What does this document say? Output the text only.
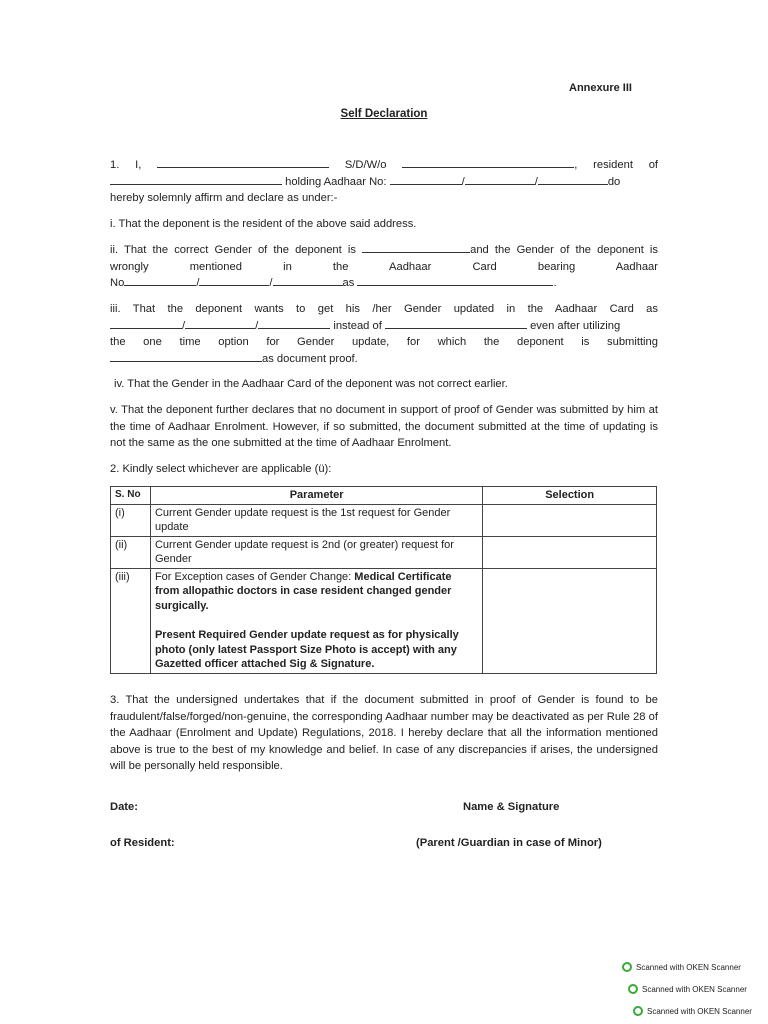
Annexure III
Self Declaration
1. I,	S/D/W/o	, resident of
holding Aadhaar No:	/	/	do
hereby solemnly affirm and declare as under:-
i. That the deponent is the resident of the above said address.
ii. That the correct Gender of the deponent is	and the Gender of the deponent is
wrongly mentioned in the Aadhaar Card bearing Aadhaar
No	/	/	as	.
iii. That the deponent wants to get his /her Gender updated in the Aadhaar Card as
/	/	instead of	even after utilizing
the one time option for Gender update, for which the deponent is submitting
as document proof.
iv. That the Gender in the Aadhaar Card of the deponent was not correct earlier.
v. That the deponent further declares that no document in support of proof of Gender was submitted by him at the time of Aadhaar Enrolment. However, if so submitted, the document submitted at the time of updating is not the same as the one submitted at the time of Aadhaar Enrolment.
2. Kindly select whichever are applicable (ü):
S. No	Parameter	Selection
(i)	Current Gender update request is the 1st request for Gender update	
(ii)	Current Gender update request is 2nd (or greater) request for Gender	
(iii)	For Exception cases of Gender Change: Medical Certificate from allopathic doctors in case resident changed gender surgically.
Present Required Gender update request as for physically photo (only latest Passport Size Photo is accept) with any Gazetted officer attached Sig & Signature.	

3. That the undersigned undertakes that if the document submitted in proof of Gender is found to be fraudulent/false/forged/non-genuine, the corresponding Aadhaar number may be deactivated as per Rule 28 of the Aadhaar (Enrolment and Update) Regulations, 2018. I hereby declare that all the information mentioned above is true to the best of my knowledge and belief. In case of any discrepancies if arises, the undersigned will be personally held responsible.
Date:	Name & Signature
of Resident:	(Parent /Guardian in case of Minor)
Scanned with OKEN Scanner
Scanned with OKEN Scanner
Scanned with OKEN Scanner
